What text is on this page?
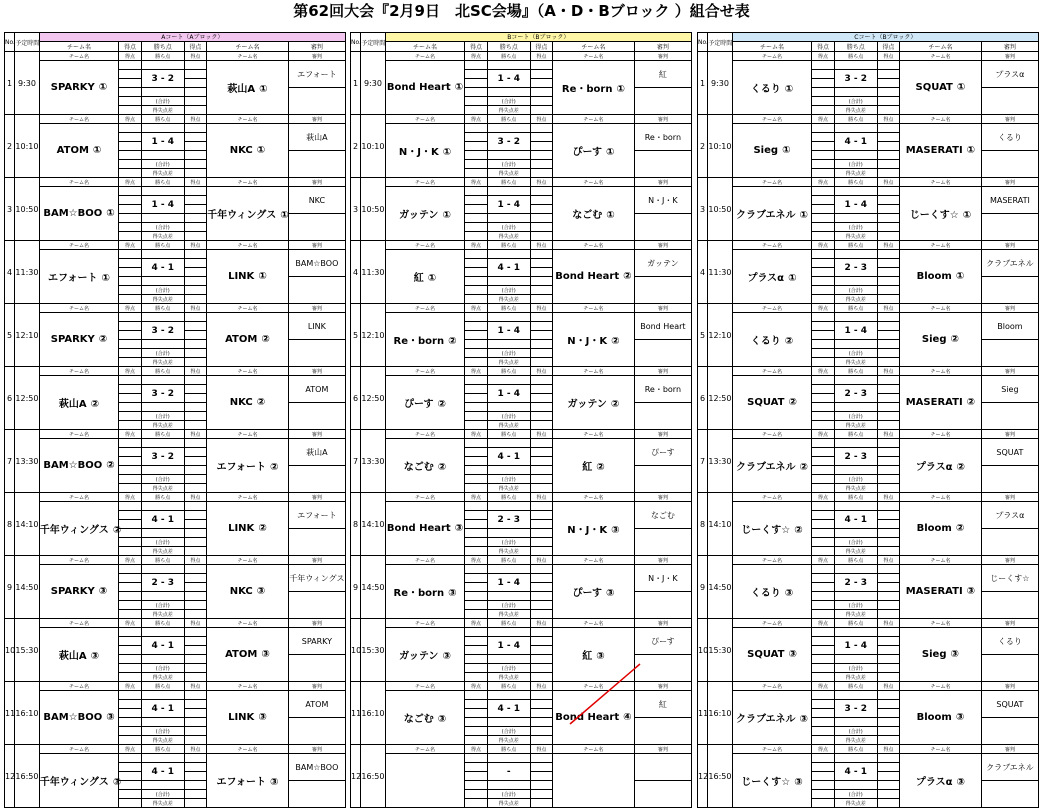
第62回大会『2月9日　北SC会場』（A・D・Bブロック ）組合せ表
No.	予定時間	Aコート（Aブロック）					
		チーム名	得点	勝ち点	得点	チーム名	審判
1	9:30	チーム名	得点	勝ち点	得点	チーム名	審判
		SPARKY ①				萩山A ①	エフォート
				3 - 2			

				(合計)			
				得失点差			
2	10:10	チーム名	得点	勝ち点	得点	チーム名	審判
		ATOM ①				NKC ①	萩山A
				1 - 4			

				(合計)			
				得失点差			
3	10:50	チーム名	得点	勝ち点	得点	チーム名	審判
		BAM☆BOO ①				千年ウィングス ①	NKC
				1 - 4			

				(合計)			
				得失点差			
4	11:30	チーム名	得点	勝ち点	得点	チーム名	審判
		エフォート ①				LINK ①	BAM☆BOO
				4 - 1			

				(合計)			
				得失点差			
5	12:10	チーム名	得点	勝ち点	得点	チーム名	審判
		SPARKY ②				ATOM ②	LINK
				3 - 2			

				(合計)			
				得失点差			
6	12:50	チーム名	得点	勝ち点	得点	チーム名	審判
		萩山A ②				NKC ②	ATOM
				3 - 2			

				(合計)			
				得失点差			
7	13:30	チーム名	得点	勝ち点	得点	チーム名	審判
		BAM☆BOO ②				エフォート ②	萩山A
				3 - 2			

				(合計)			
				得失点差			
8	14:10	チーム名	得点	勝ち点	得点	チーム名	審判
		千年ウィングス ②				LINK ②	エフォート
				4 - 1			

				(合計)			
				得失点差			
9	14:50	チーム名	得点	勝ち点	得点	チーム名	審判
		SPARKY ③				NKC ③	千年ウィングス
				2 - 3			

				(合計)			
				得失点差			
10	15:30	チーム名	得点	勝ち点	得点	チーム名	審判
		萩山A ③				ATOM ③	SPARKY
				4 - 1			

				(合計)			
				得失点差			
11	16:10	チーム名	得点	勝ち点	得点	チーム名	審判
		BAM☆BOO ③				LINK ③	ATOM
				4 - 1			

				(合計)			
				得失点差			
12	16:50	チーム名	得点	勝ち点	得点	チーム名	審判
		千年ウィングス ③				エフォート ③	BAM☆BOO
				4 - 1			

				(合計)			
				得失点差			
No.	予定時間	Bコート（Bブロック）					
		チーム名	得点	勝ち点	得点	チーム名	審判
1	9:30	チーム名	得点	勝ち点	得点	チーム名	審判
		Bond Heart ①				Re・born ①	紅
				1 - 4			

				(合計)			
				得失点差			
2	10:10	チーム名	得点	勝ち点	得点	チーム名	審判
		N・J・K ①				ぴーす ①	Re・born
				3 - 2			

				(合計)			
				得失点差			
3	10:50	チーム名	得点	勝ち点	得点	チーム名	審判
		ガッテン ①				なごむ ①	N・J・K
				1 - 4			

				(合計)			
				得失点差			
4	11:30	チーム名	得点	勝ち点	得点	チーム名	審判
		紅 ①				Bond Heart ②	ガッテン
				4 - 1			

				(合計)			
				得失点差			
5	12:10	チーム名	得点	勝ち点	得点	チーム名	審判
		Re・born ②				N・J・K ②	Bond Heart
				1 - 4			

				(合計)			
				得失点差			
6	12:50	チーム名	得点	勝ち点	得点	チーム名	審判
		ぴーす ②				ガッテン ②	Re・born
				1 - 4			

				(合計)			
				得失点差			
7	13:30	チーム名	得点	勝ち点	得点	チーム名	審判
		なごむ ②				紅 ②	ぴーす
				4 - 1			

				(合計)			
				得失点差			
8	14:10	チーム名	得点	勝ち点	得点	チーム名	審判
		Bond Heart ③				N・J・K ③	なごむ
				2 - 3			

				(合計)			
				得失点差			
9	14:50	チーム名	得点	勝ち点	得点	チーム名	審判
		Re・born ③				ぴーす ③	N・J・K
				1 - 4			

				(合計)			
				得失点差			
10	15:30	チーム名	得点	勝ち点	得点	チーム名	審判
		ガッテン ③				紅 ③	ぴーす
				1 - 4			

				(合計)			
				得失点差			
11	16:10	チーム名	得点	勝ち点	得点	チーム名	審判
		なごむ ③				Bond Heart ④	紅
				4 - 1			

				(合計)			
				得失点差			
12	16:50	チーム名	得点	勝ち点	得点	チーム名	審判

				-			

				(合計)			
				得失点差			
No.	予定時間	Cコート（Bブロック）					
		チーム名	得点	勝ち点	得点	チーム名	審判
1	9:30	チーム名	得点	勝ち点	得点	チーム名	審判
		くるり ①				SQUAT ①	プラスα
				3 - 2			

				(合計)			
				得失点差			
2	10:10	チーム名	得点	勝ち点	得点	チーム名	審判
		Sieg ①				MASERATI ①	くるり
				4 - 1			

				(合計)			
				得失点差			
3	10:50	チーム名	得点	勝ち点	得点	チーム名	審判
		クラブエネル ①				じーくす☆ ①	MASERATI
				1 - 4			

				(合計)			
				得失点差			
4	11:30	チーム名	得点	勝ち点	得点	チーム名	審判
		プラスα ①				Bloom ①	クラブエネル
				2 - 3			

				(合計)			
				得失点差			
5	12:10	チーム名	得点	勝ち点	得点	チーム名	審判
		くるり ②				Sieg ②	Bloom
				1 - 4			

				(合計)			
				得失点差			
6	12:50	チーム名	得点	勝ち点	得点	チーム名	審判
		SQUAT ②				MASERATI ②	Sieg
				2 - 3			

				(合計)			
				得失点差			
7	13:30	チーム名	得点	勝ち点	得点	チーム名	審判
		クラブエネル ②				プラスα ②	SQUAT
				2 - 3			

				(合計)			
				得失点差			
8	14:10	チーム名	得点	勝ち点	得点	チーム名	審判
		じーくす☆ ②				Bloom ②	プラスα
				4 - 1			

				(合計)			
				得失点差			
9	14:50	チーム名	得点	勝ち点	得点	チーム名	審判
		くるり ③				MASERATI ③	じーくす☆
				2 - 3			

				(合計)			
				得失点差			
10	15:30	チーム名	得点	勝ち点	得点	チーム名	審判
		SQUAT ③				Sieg ③	くるり
				1 - 4			

				(合計)			
				得失点差			
11	16:10	チーム名	得点	勝ち点	得点	チーム名	審判
		クラブエネル ③				Bloom ③	SQUAT
				3 - 2			

				(合計)			
				得失点差			
12	16:50	チーム名	得点	勝ち点	得点	チーム名	審判
		じーくす☆ ③				プラスα ③	クラブエネル
				4 - 1			

				(合計)			
				得失点差			
